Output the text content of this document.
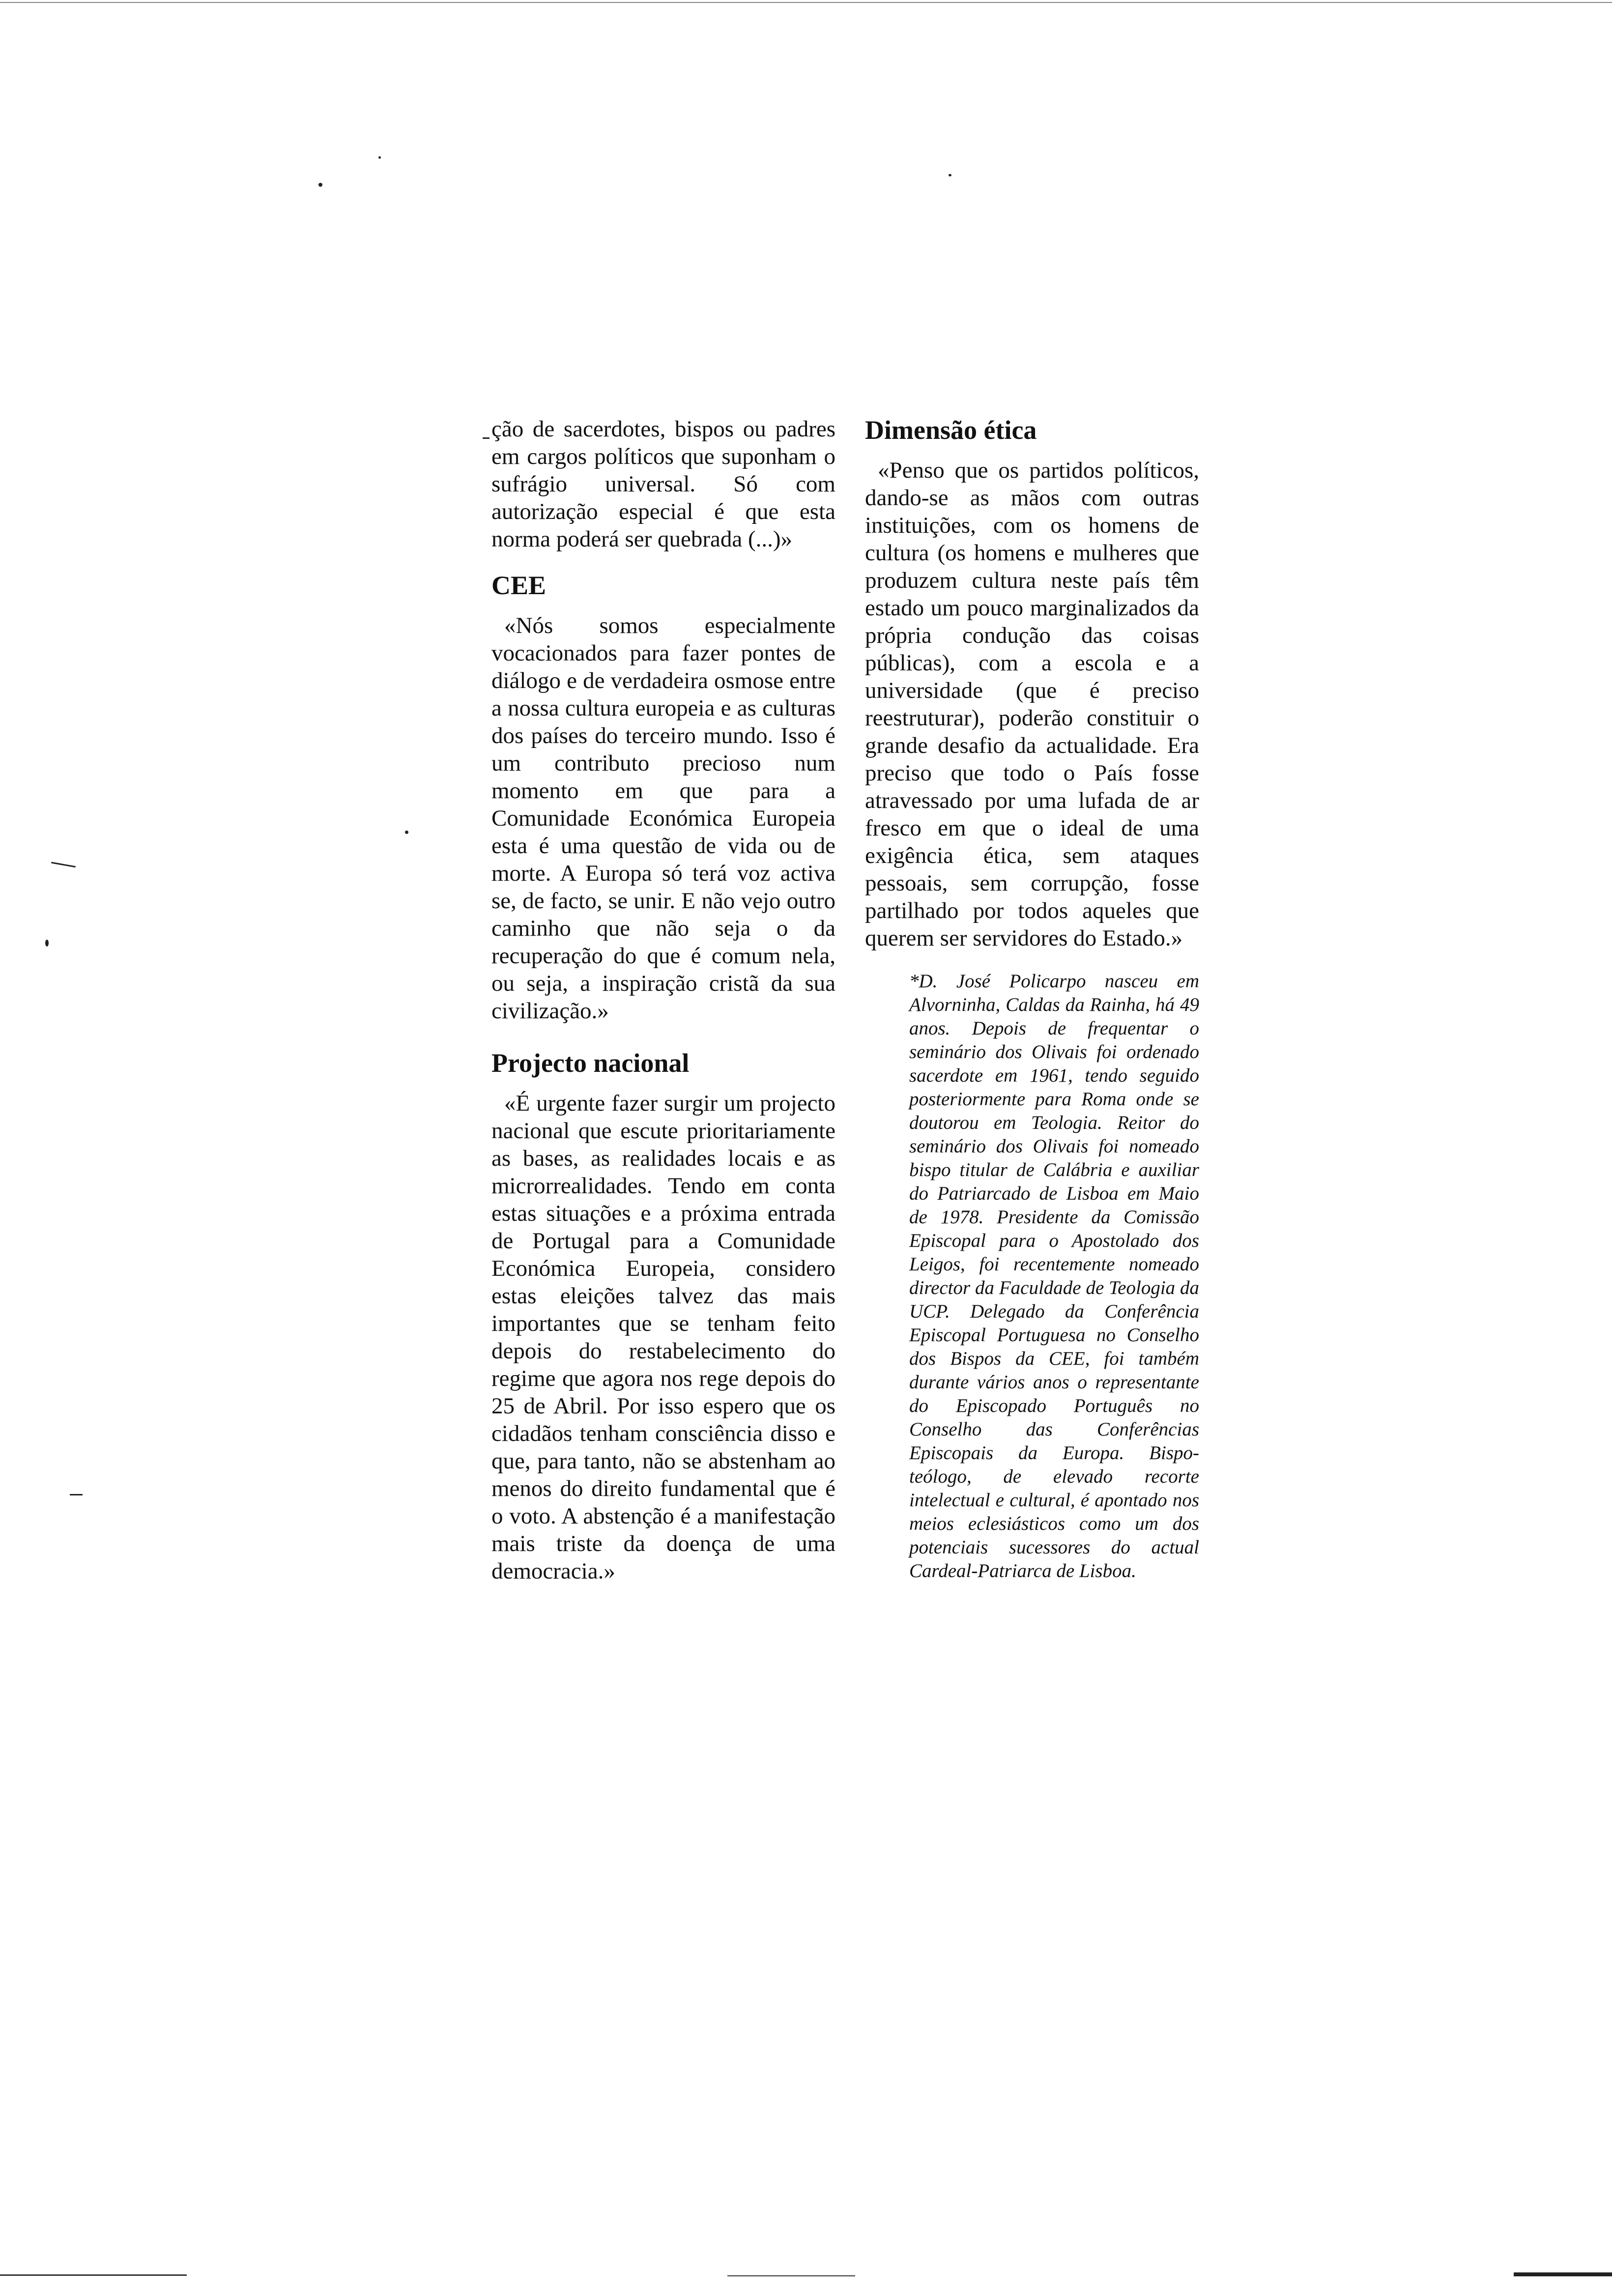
ção de sacerdotes, bispos ou padres em cargos políticos que suponham o sufrágio universal. Só com autorização especial é que esta norma poderá ser quebrada (...)»

CEE

«Nós somos especialmente vocacionados para fazer pontes de diálogo e de verdadeira osmose entre a nossa cultura europeia e as culturas dos países do terceiro mundo. Isso é um contributo precioso num momento em que para a Comunidade Económica Europeia esta é uma questão de vida ou de morte. A Europa só terá voz activa se, de facto, se unir. E não vejo outro caminho que não seja o da recuperação do que é comum nela, ou seja, a inspiração cristã da sua civilização.»

Projecto nacional

«É urgente fazer surgir um projecto nacional que escute prioritariamente as bases, as realidades locais e as microrrealidades. Tendo em conta estas situações e a próxima entrada de Portugal para a Comunidade Económica Europeia, considero estas eleições talvez das mais importantes que se tenham feito depois do restabelecimento do regime que agora nos rege depois do 25 de Abril. Por isso espero que os cidadãos tenham consciência disso e que, para tanto, não se abstenham ao menos do direito fundamental que é o voto. A abstenção é a manifestação mais triste da doença de uma democracia.»

Dimensão ética

«Penso que os partidos políticos, dando-se as mãos com outras instituições, com os homens de cultura (os homens e mulheres que produzem cultura neste país têm estado um pouco marginalizados da própria condução das coisas públicas), com a escola e a universidade (que é preciso reestruturar), poderão constituir o grande desafio da actualidade. Era preciso que todo o País fosse atravessado por uma lufada de ar fresco em que o ideal de uma exigência ética, sem ataques pessoais, sem corrupção, fosse partilhado por todos aqueles que querem ser servidores do Estado.»

*D. José Policarpo nasceu em Alvorninha, Caldas da Rainha, há 49 anos. Depois de frequentar o seminário dos Olivais foi ordenado sacerdote em 1961, tendo seguido posteriormente para Roma onde se doutorou em Teologia. Reitor do seminário dos Olivais foi nomeado bispo titular de Calábria e auxiliar do Patriarcado de Lisboa em Maio de 1978. Presidente da Comissão Episcopal para o Apostolado dos Leigos, foi recentemente nomeado director da Faculdade de Teologia da UCP. Delegado da Conferência Episcopal Portuguesa no Conselho dos Bispos da CEE, foi também durante vários anos o representante do Episcopado Português no Conselho das Conferências Episcopais da Europa. Bispo-teólogo, de elevado recorte intelectual e cultural, é apontado nos meios eclesiásticos como um dos potenciais sucessores do actual Cardeal-Patriarca de Lisboa.
